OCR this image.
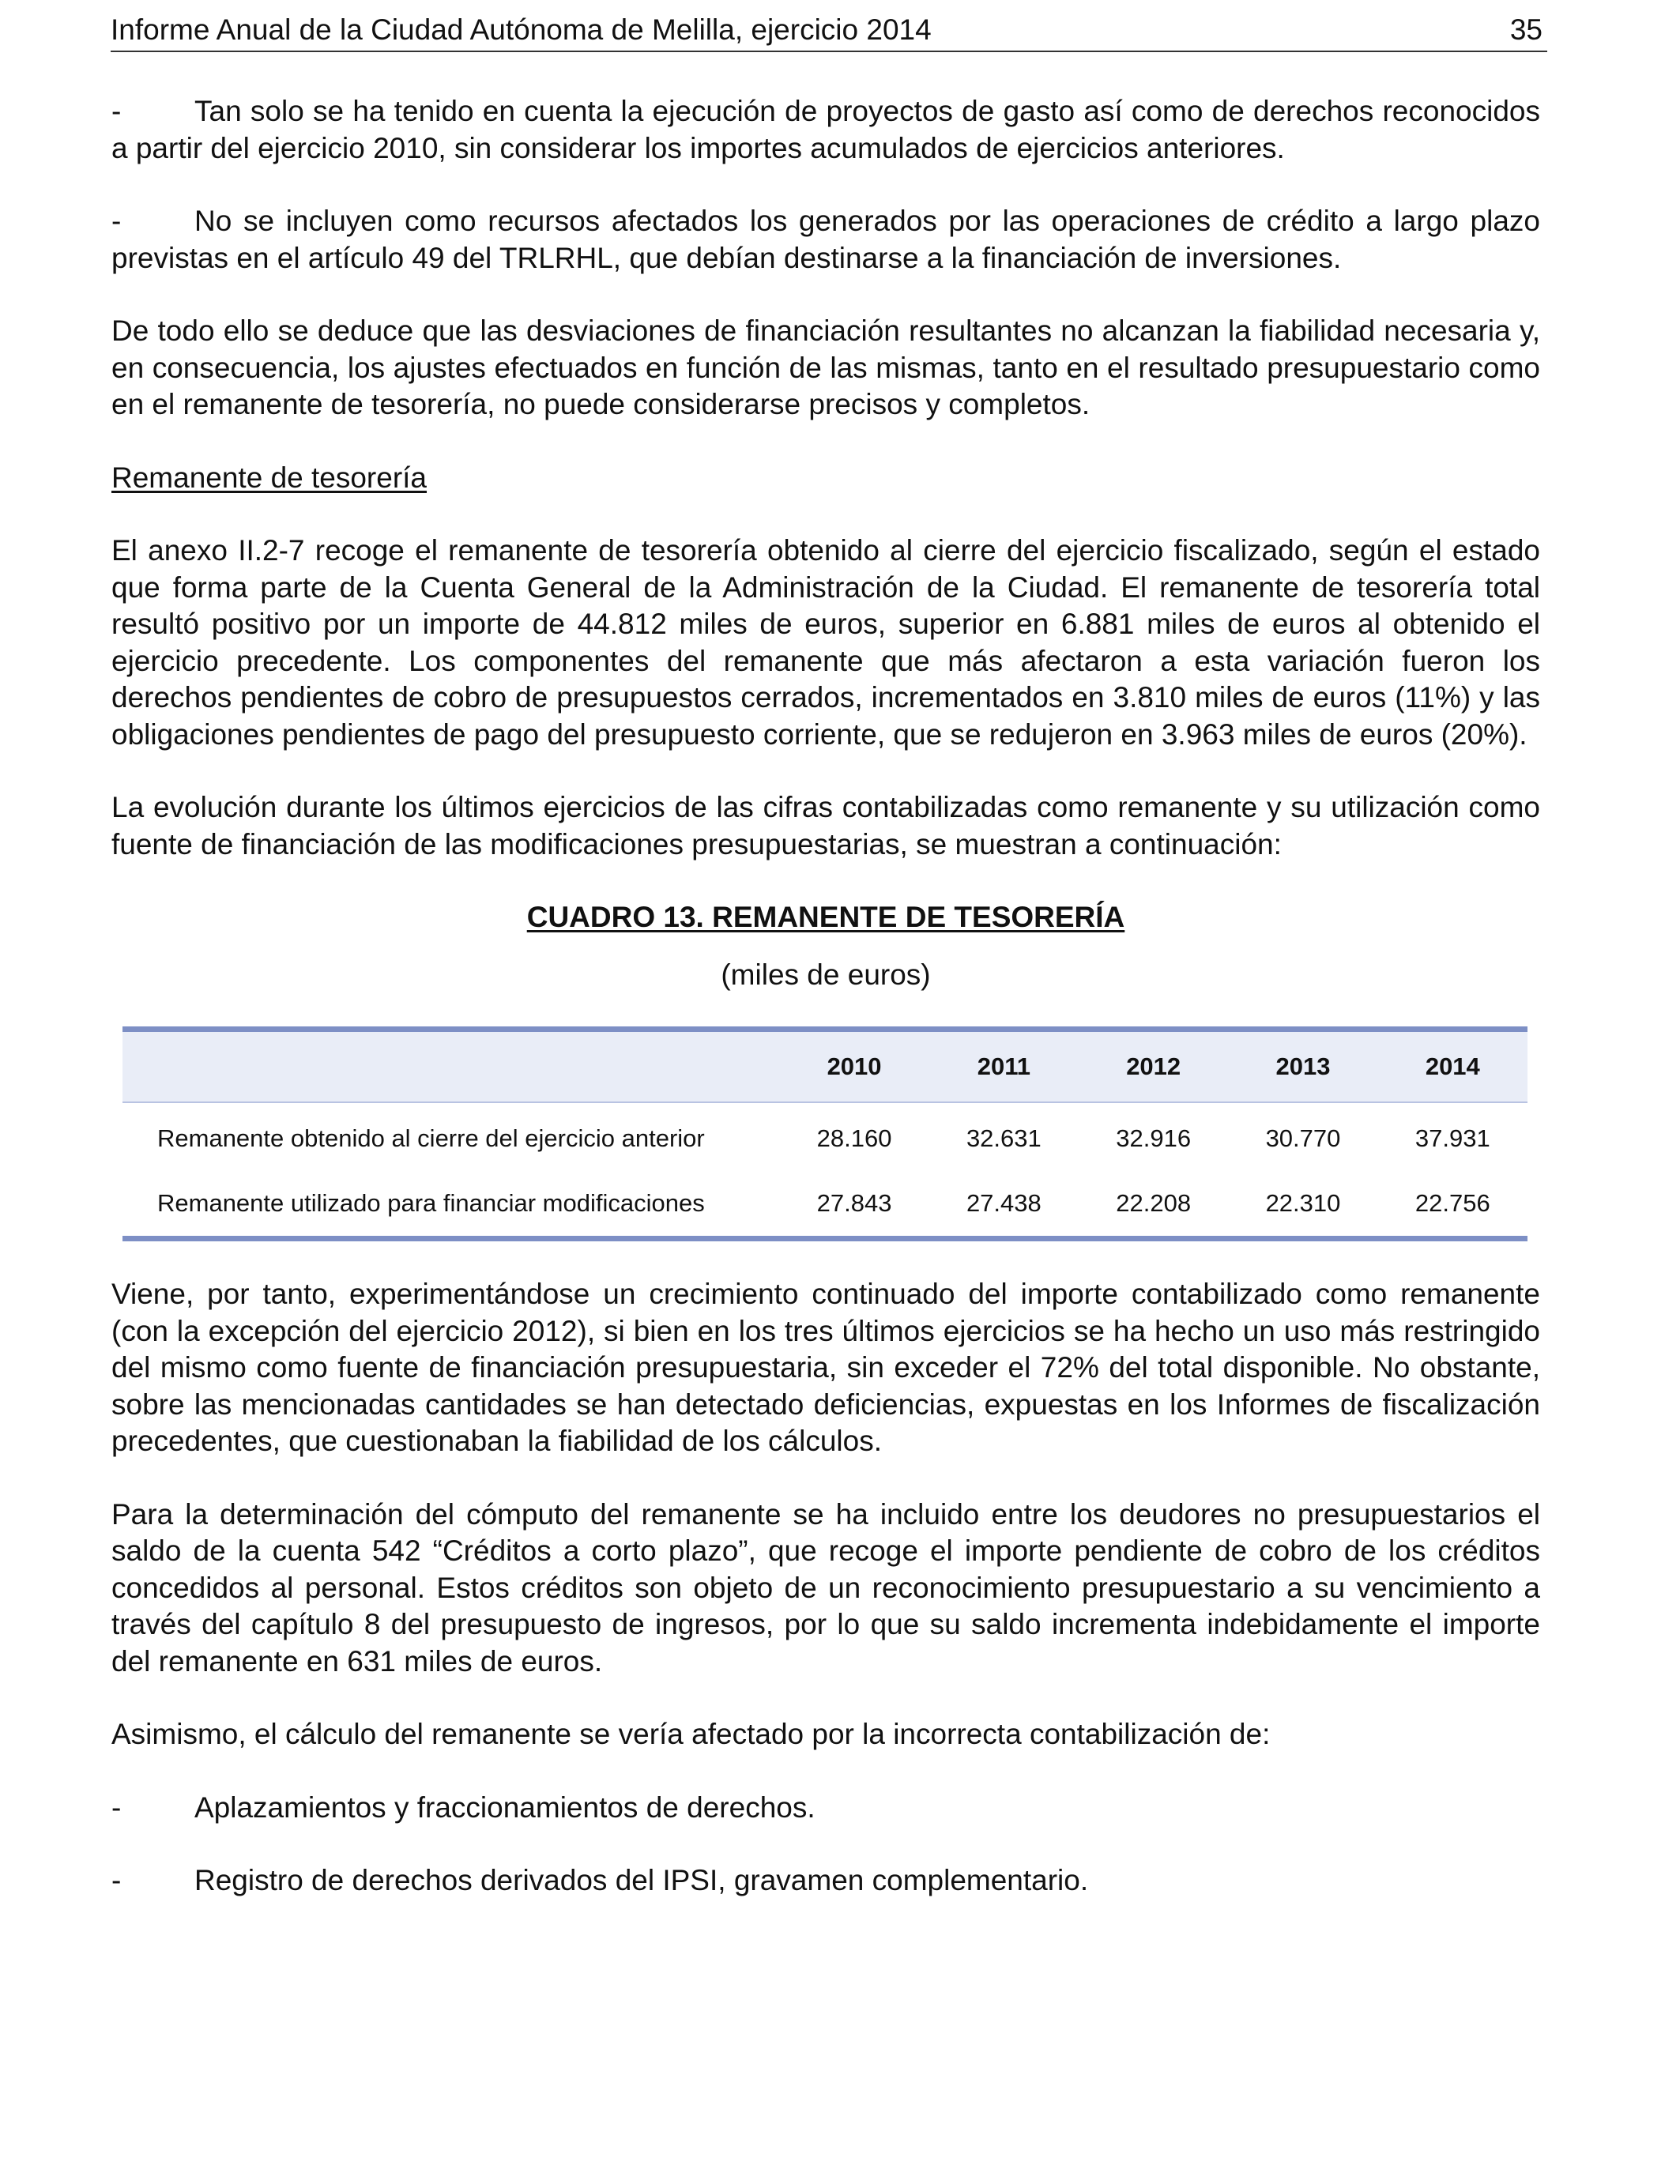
Informe Anual de la Ciudad Autónoma de Melilla, ejercicio 2014	35
-	Tan solo se ha tenido en cuenta la ejecución de proyectos de gasto así como de derechos reconocidos a partir del ejercicio 2010, sin considerar los importes acumulados de ejercicios anteriores.
-	No se incluyen como recursos afectados los generados por las operaciones de crédito a largo plazo previstas en el artículo 49 del TRLRHL, que debían destinarse a la financiación de inversiones.

De todo ello se deduce que las desviaciones de financiación resultantes no alcanzan la fiabilidad necesaria y, en consecuencia, los ajustes efectuados en función de las mismas, tanto en el resultado presupuestario como en el remanente de tesorería, no puede considerarse precisos y completos.

Remanente de tesorería

El anexo II.2-7 recoge el remanente de tesorería obtenido al cierre del ejercicio fiscalizado, según el estado que forma parte de la Cuenta General de la Administración de la Ciudad. El remanente de tesorería total resultó positivo por un importe de 44.812 miles de euros, superior en 6.881 miles de euros al obtenido el ejercicio precedente. Los componentes del remanente que más afectaron a esta variación fueron los derechos pendientes de cobro de presupuestos cerrados, incrementados en 3.810 miles de euros (11%) y las obligaciones pendientes de pago del presupuesto corriente, que se redujeron en 3.963 miles de euros (20%).

La evolución durante los últimos ejercicios de las cifras contabilizadas como remanente y su utilización como fuente de financiación de las modificaciones presupuestarias, se muestran a continuación:

CUADRO 13. REMANENTE DE TESORERÍA
(miles de euros)
	2010	2011	2012	2013	2014
Remanente obtenido al cierre del ejercicio anterior	28.160	32.631	32.916	30.770	37.931
Remanente utilizado para financiar modificaciones	27.843	27.438	22.208	22.310	22.756

Viene, por tanto, experimentándose un crecimiento continuado del importe contabilizado como remanente (con la excepción del ejercicio 2012), si bien en los tres últimos ejercicios se ha hecho un uso más restringido del mismo como fuente de financiación presupuestaria, sin exceder el 72% del total disponible. No obstante, sobre las mencionadas cantidades se han detectado deficiencias, expuestas en los Informes de fiscalización precedentes, que cuestionaban la fiabilidad de los cálculos.

Para la determinación del cómputo del remanente se ha incluido entre los deudores no presupuestarios el saldo de la cuenta 542 “Créditos a corto plazo”, que recoge el importe pendiente de cobro de los créditos concedidos al personal. Estos créditos son objeto de un reconocimiento presupuestario a su vencimiento a través del capítulo 8 del presupuesto de ingresos, por lo que su saldo incrementa indebidamente el importe del remanente en 631 miles de euros.

Asimismo, el cálculo del remanente se vería afectado por la incorrecta contabilización de:

-	Aplazamientos y fraccionamientos de derechos.
-	Registro de derechos derivados del IPSI, gravamen complementario.
